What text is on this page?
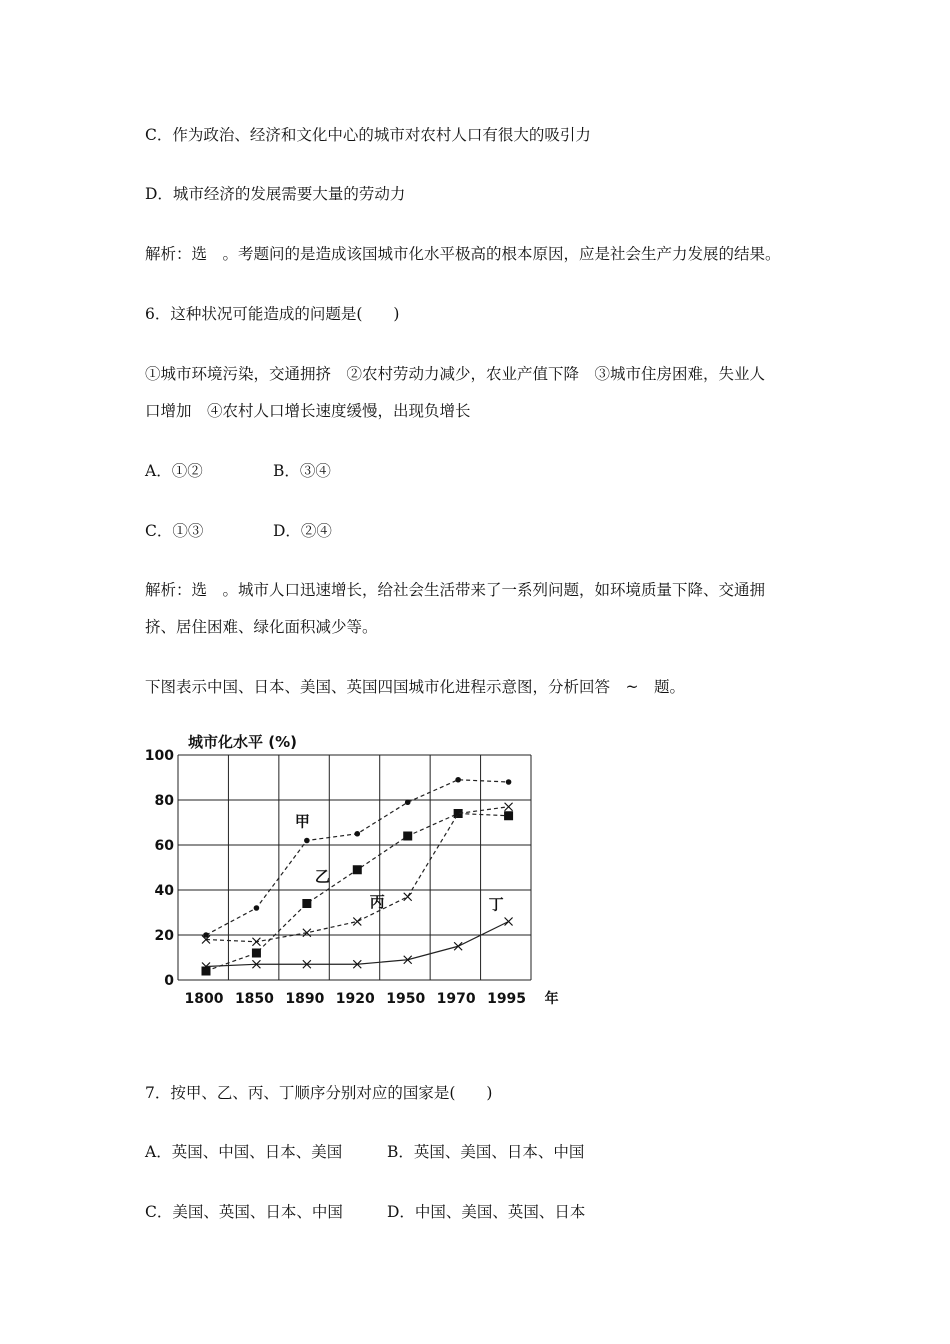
C．作为政治、经济和文化中心的城市对农村人口有很大的吸引力
D．城市经济的发展需要大量的劳动力
解析：选　。考题问的是造成该国城市化水平极高的根本原因，应是社会生产力发展的结果。
6．这种状况可能造成的问题是(　　)
①城市环境污染，交通拥挤　②农村劳动力减少，农业产值下降　③城市住房困难，失业人
口增加　④农村人口增长速度缓慢，出现负增长
A．①②	B．③④
C．①③	D．②④
解析：选　。城市人口迅速增长，给社会生活带来了一系列问题，如环境质量下降、交通拥
挤、居住困难、绿化面积减少等。
下图表示中国、日本、美国、英国四国城市化进程示意图，分析回答　~　题。
0
20
40
60
80
100
1800 1850 1890 1920 1950 1970 1995 年
城市化水平 (%)
甲
乙
丙	丁
7．按甲、乙、丙、丁顺序分别对应的国家是(　　)
A．英国、中国、日本、美国	B．英国、美国、日本、中国
C．美国、英国、日本、中国	D．中国、美国、英国、日本
